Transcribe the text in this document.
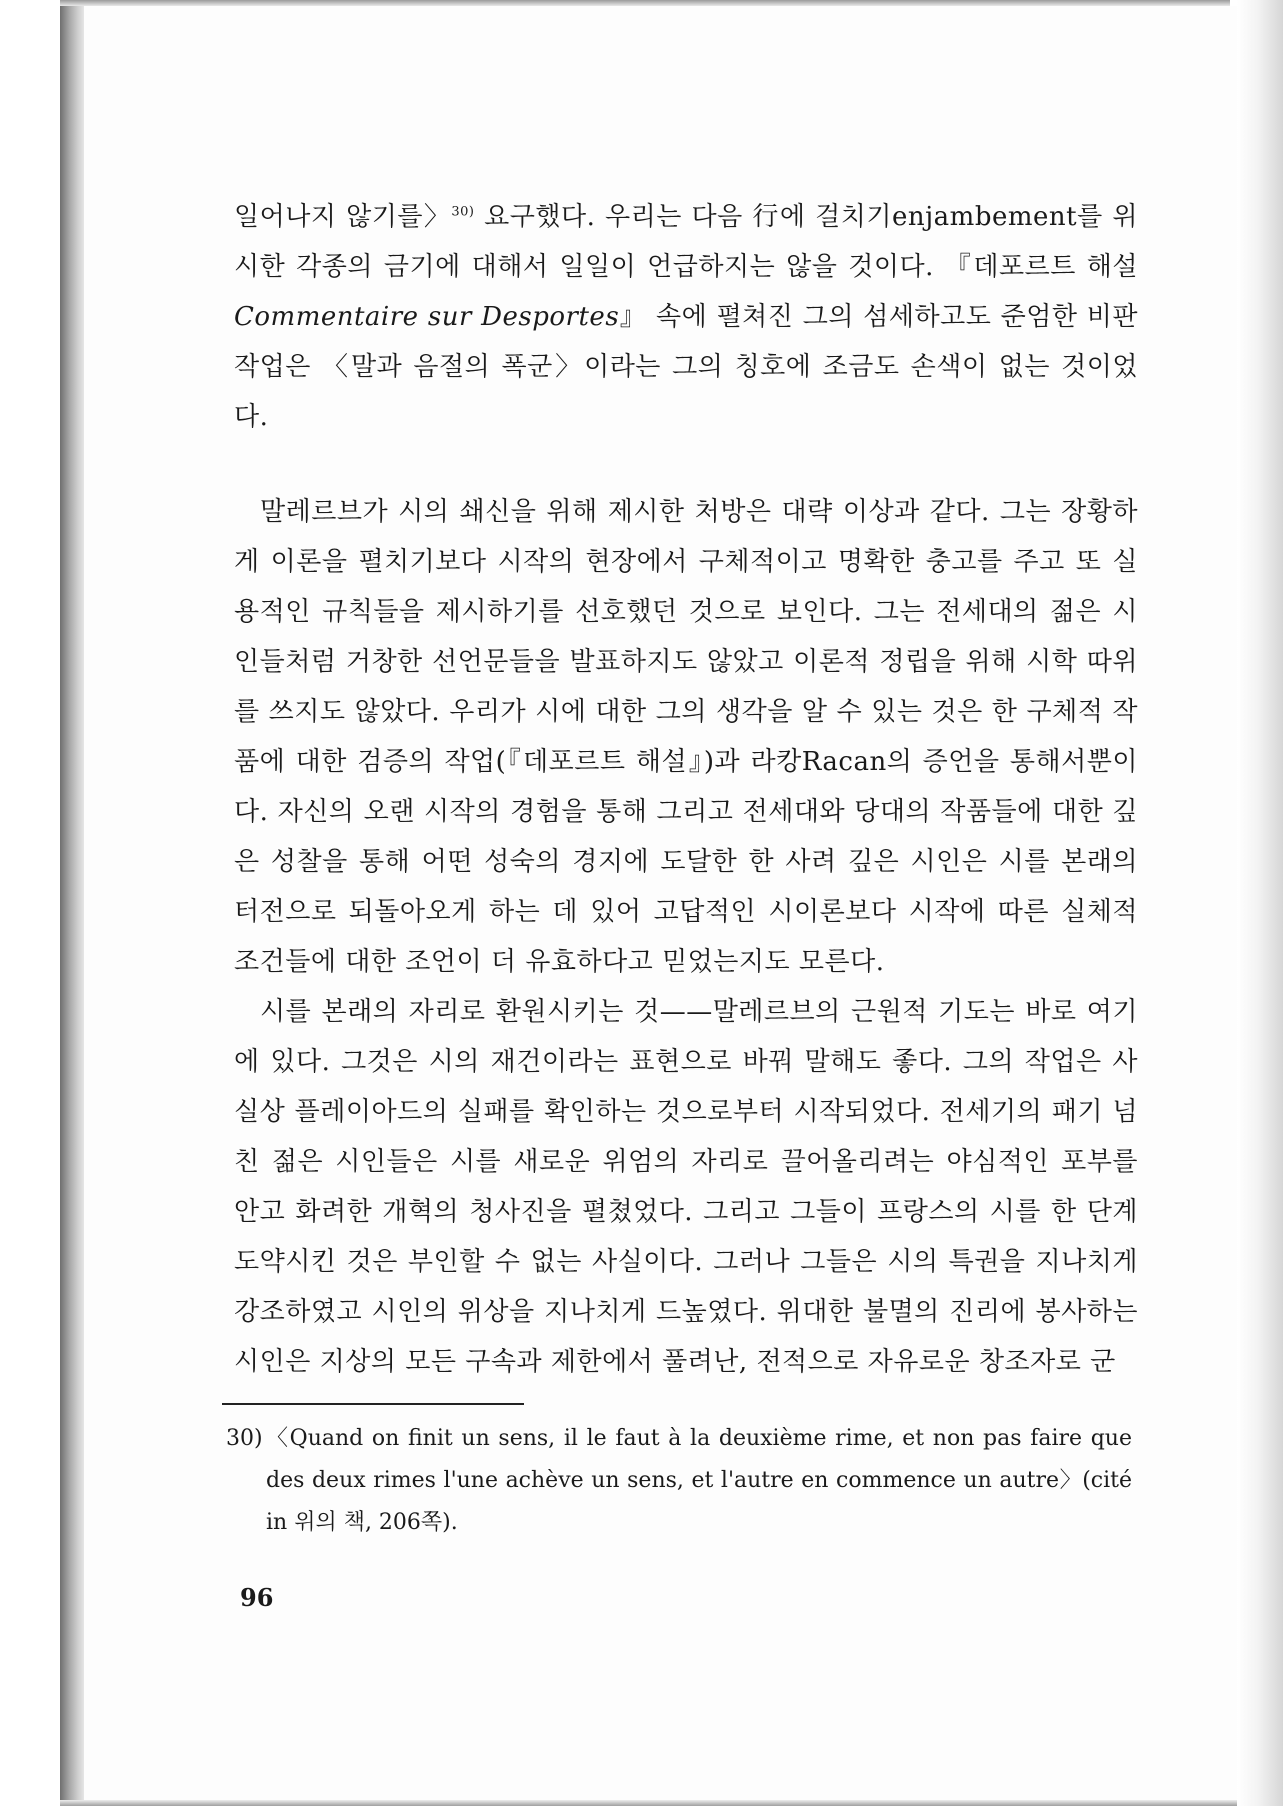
일어나지 않기를〉$^{30)}$ 요구했다. 우리는 다음 行에 걸치기enjambement를 위시한 각종의 금기에 대해서 일일이 언급하지는 않을 것이다. 『데포르트 해설 Commentaire sur Desportes』 속에 펼쳐진 그의 섬세하고도 준엄한 비판 작업은 〈말과 음절의 폭군〉이라는 그의 칭호에 조금도 손색이 없는 것이었다.

말레르브가 시의 쇄신을 위해 제시한 처방은 대략 이상과 같다. 그는 장황하게 이론을 펼치기보다 시작의 현장에서 구체적이고 명확한 충고를 주고 또 실용적인 규칙들을 제시하기를 선호했던 것으로 보인다. 그는 전세대의 젊은 시인들처럼 거창한 선언문들을 발표하지도 않았고 이론적 정립을 위해 시학 따위를 쓰지도 않았다. 우리가 시에 대한 그의 생각을 알 수 있는 것은 한 구체적 작품에 대한 검증의 작업(『데포르트 해설』)과 라캉Racan의 증언을 통해서뿐이다. 자신의 오랜 시작의 경험을 통해 그리고 전세대와 당대의 작품들에 대한 깊은 성찰을 통해 어떤 성숙의 경지에 도달한 한 사려 깊은 시인은 시를 본래의 터전으로 되돌아오게 하는 데 있어 고답적인 시이론보다 시작에 따른 실체적 조건들에 대한 조언이 더 유효하다고 믿었는지도 모른다.

시를 본래의 자리로 환원시키는 것——말레르브의 근원적 기도는 바로 여기에 있다. 그것은 시의 재건이라는 표현으로 바꿔 말해도 좋다. 그의 작업은 사실상 플레이아드의 실패를 확인하는 것으로부터 시작되었다. 전세기의 패기 넘친 젊은 시인들은 시를 새로운 위엄의 자리로 끌어올리려는 야심적인 포부를 안고 화려한 개혁의 청사진을 펼쳤었다. 그리고 그들이 프랑스의 시를 한 단계 도약시킨 것은 부인할 수 없는 사실이다. 그러나 그들은 시의 특권을 지나치게 강조하였고 시인의 위상을 지나치게 드높였다. 위대한 불멸의 진리에 봉사하는 시인은 지상의 모든 구속과 제한에서 풀려난, 전적으로 자유로운 창조자로 군

30) 〈Quand on finit un sens, il le faut à la deuxième rime, et non pas faire que des deux rimes l'une achève un sens, et l'autre en commence un autre〉(cité in 위의 책, 206쪽).
96
